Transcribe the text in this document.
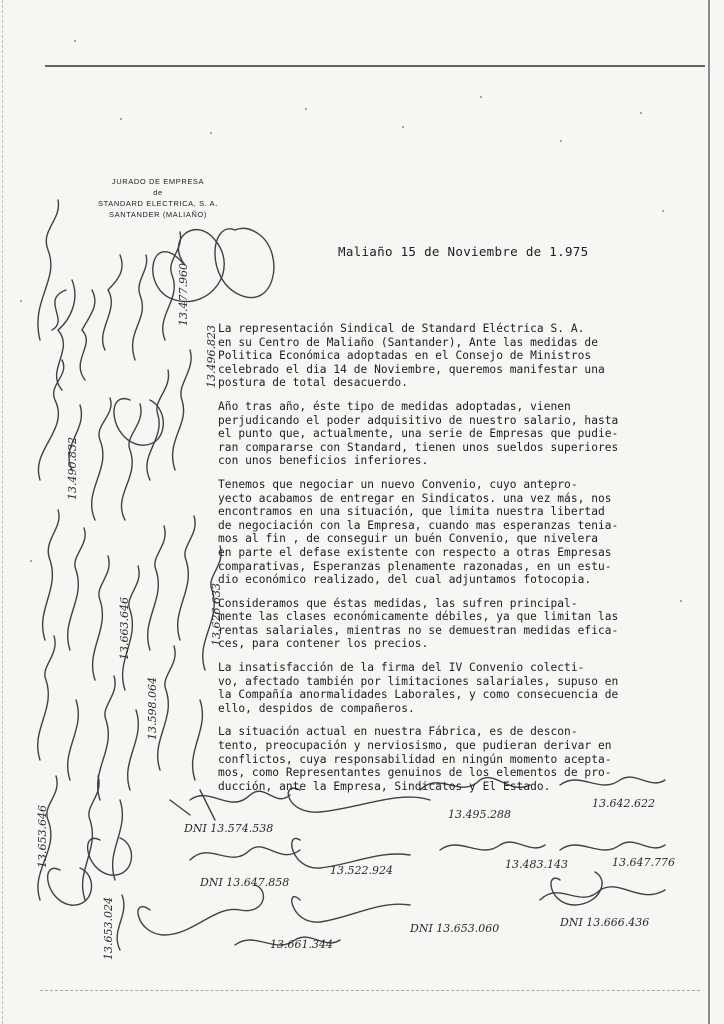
JURADO DE EMPRESA
de
STANDARD ELECTRICA, S. A.
SANTANDER (MALIAÑO)
Maliaño 15 de Noviembre de 1.975
La representación Sindical de Standard Eléctrica S. A.
en su Centro de Maliaño (Santander), Ante las medidas de
Politica Económica adoptadas en el Consejo de Ministros
celebrado el dia 14 de Noviembre, queremos manifestar una
postura de total desacuerdo.
Año tras año, éste tipo de medidas adoptadas, vienen
perjudicando el poder adquisitivo de nuestro salario, hasta
el punto que, actualmente, una serie de Empresas que pudie-
ran compararse con Standard, tienen unos sueldos superiores
con unos beneficios inferiores.
Tenemos que negociar un nuevo Convenio, cuyo antepro-
yecto acabamos de entregar en Sindicatos. una vez más, nos
encontramos en una situación, que limita nuestra libertad
de negociación con la Empresa, cuando mas esperanzas teniа-
mos al fin , de conseguir un buén Convenio, que nivelera
en parte el defase existente con respecto a otras Empresas
comparativas, Esperanzas plenamente razonadas, en un estu-
dio económico realizado, del cual adjuntamos fotocopia.
Consideramos que éstas medidas, las sufren principal-
mente las clases económicamente débiles, ya que limitan las
rentas salariales, mientras no se demuestran medidas efica-
ces, para contener los precios.
La insatisfacción de la firma del IV Convenio colecti-
vo, afectado también por limitaciones salariales, supuso en
la Compañía anormalidades Laborales, y como consecuencia de
ello, despidos de compañeros.
La situación actual en nuestra Fábrica, es de descon-
tento, preocupación y nerviosismo, que pudieran derivar en
conflictos, cuya responsabilidad en ningún momento aceptа-
mos, como Representantes genuinos de los elementos de pro-
ducción, ante la Empresa, Sindicatos y El Estado.
13.477.960
13.496.823
13.490.832
13.626.633
13.598.064
13.653.646
13.653.024
DNI 13.574.538
13.495.288
13.642.622
DNI 13.647.858
13.522.924	13.483.143	13.647.776
13.661.344
DNI 13.653.060	DNI 13.666.436
13.663.646
